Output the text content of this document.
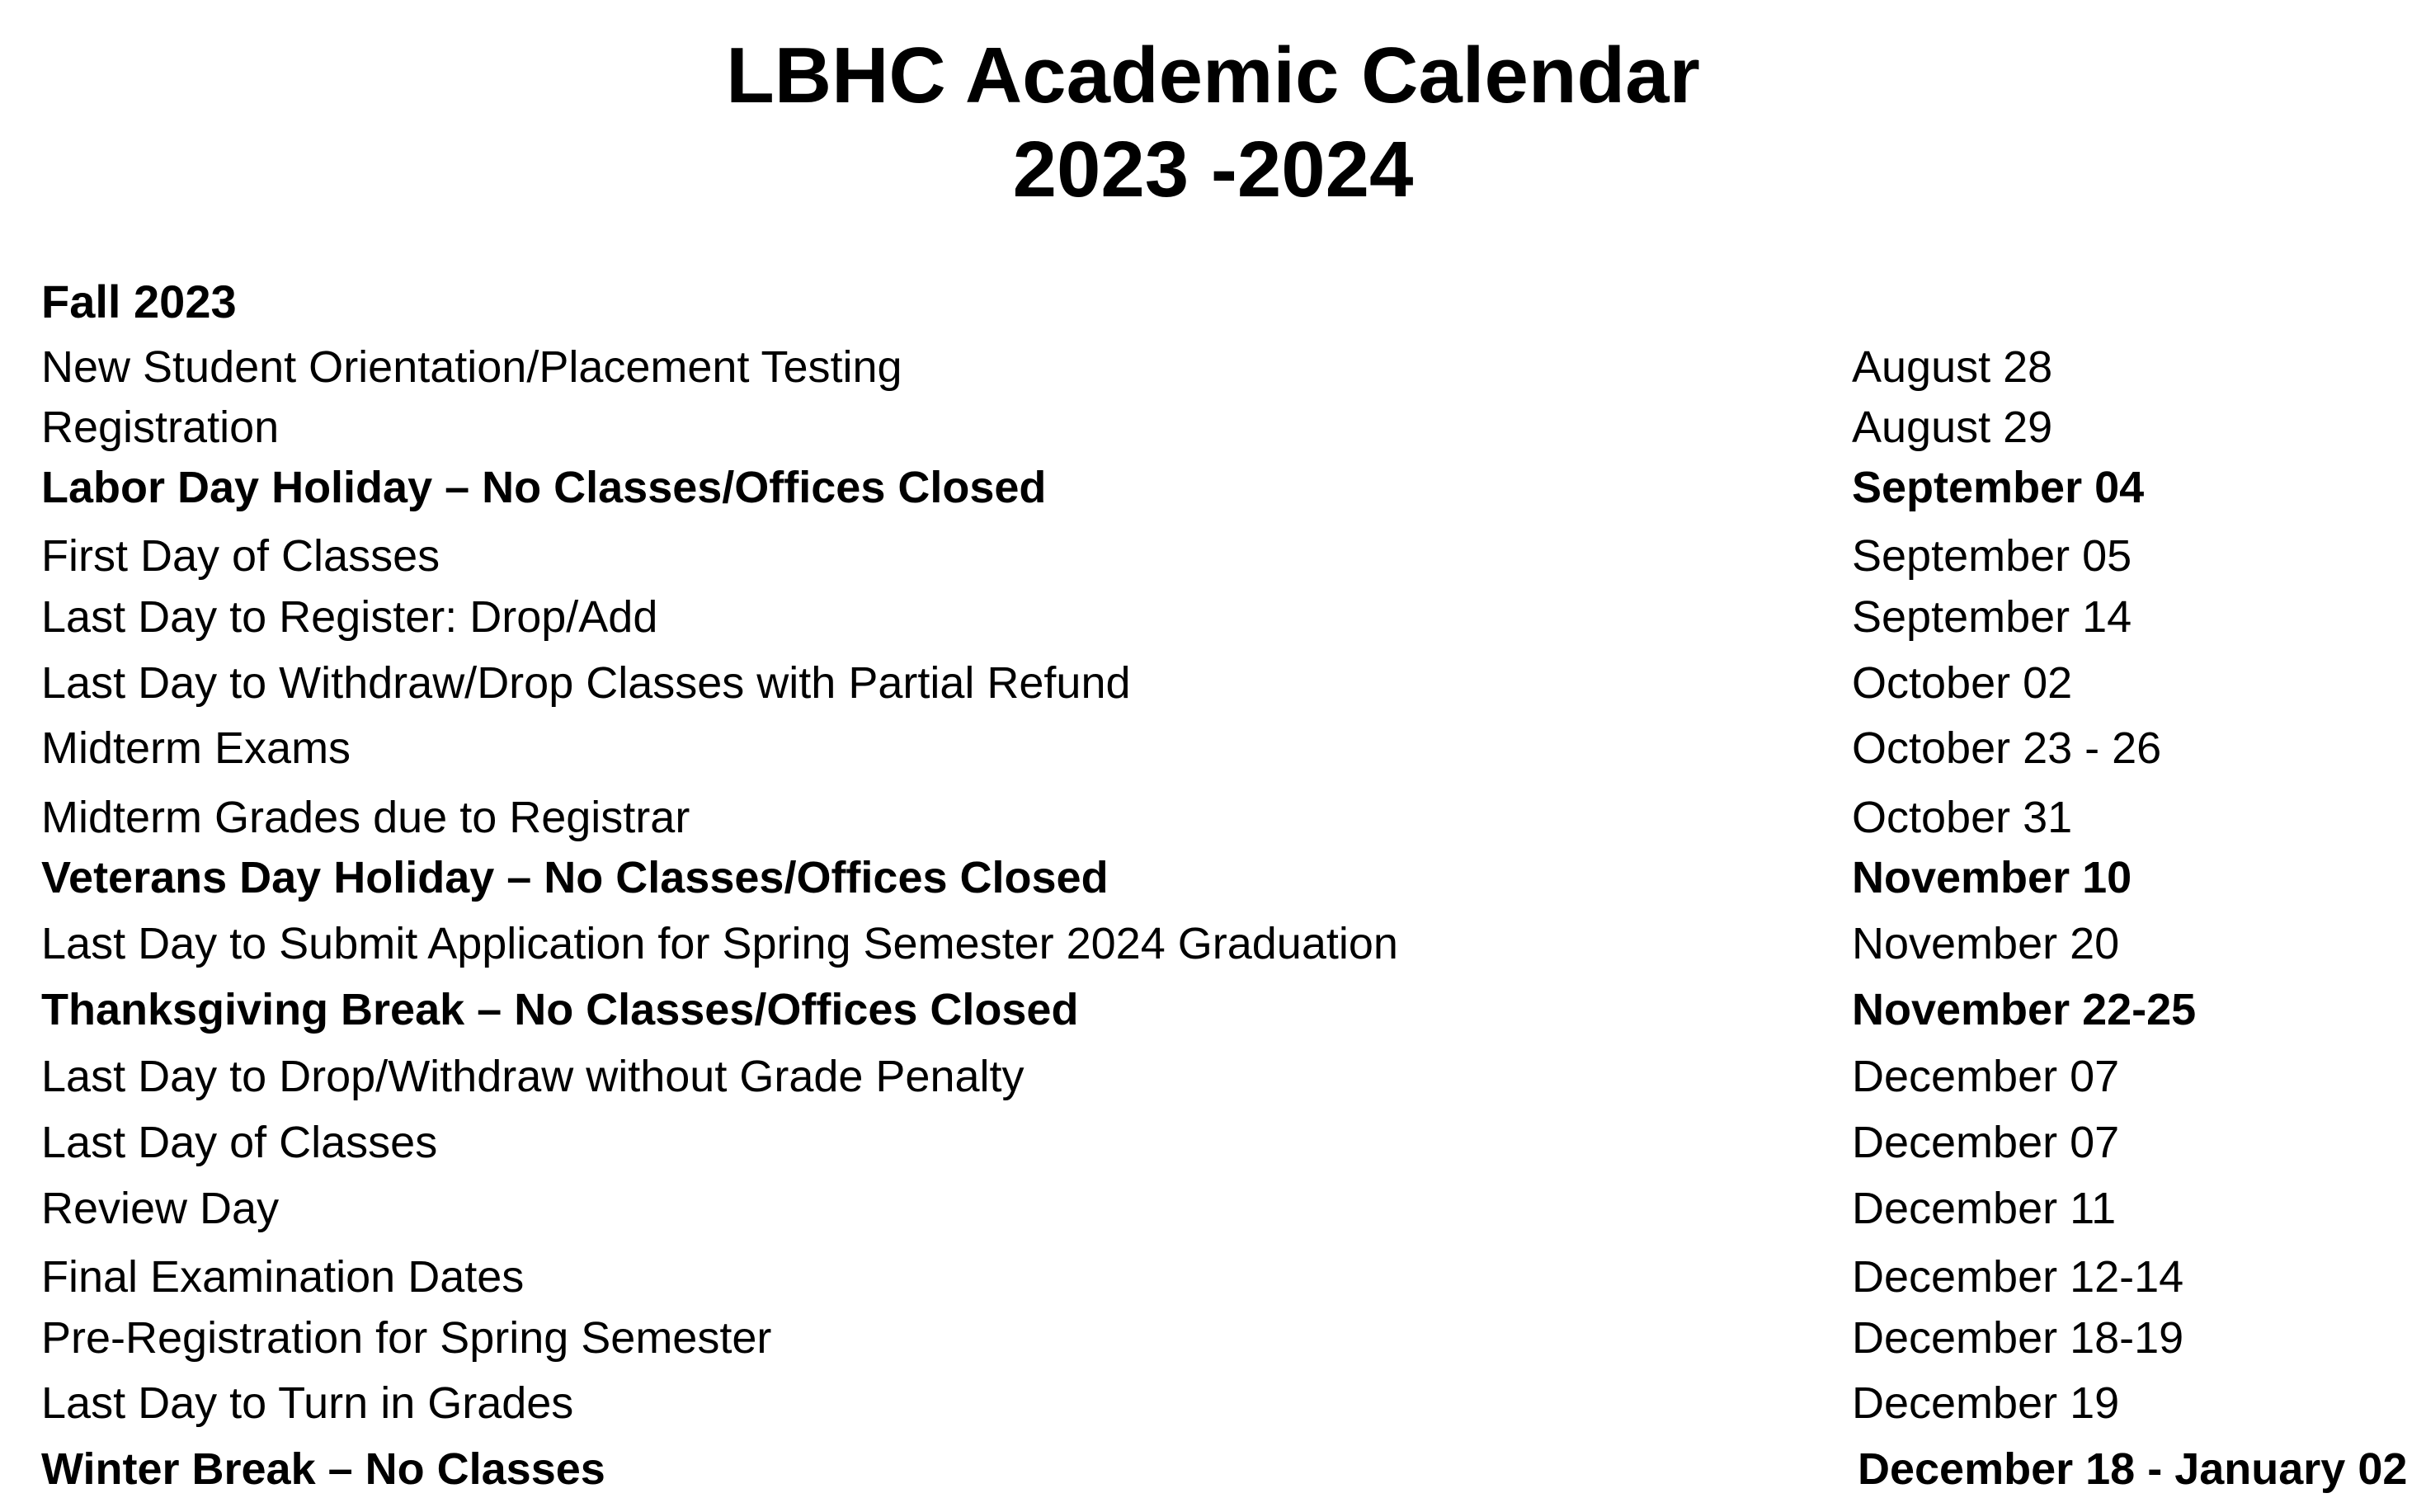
LBHC Academic Calendar
2023 -2024
Fall 2023
New Student Orientation/Placement Testing	August 28
Registration	August 29
Labor Day Holiday – No Classes/Offices Closed	September 04
First Day of Classes	September 05
Last Day to Register: Drop/Add	September 14
Last Day to Withdraw/Drop Classes with Partial Refund	October 02
Midterm Exams	October 23 - 26
Midterm Grades due to Registrar	October 31
Veterans Day Holiday – No Classes/Offices Closed	November 10
Last Day to Submit Application for Spring Semester 2024 Graduation	November 20
Thanksgiving Break – No Classes/Offices Closed	November 22-25
Last Day to Drop/Withdraw without Grade Penalty	December 07
Last Day of Classes	December 07
Review Day	December 11
Final Examination Dates	December 12-14
Pre-Registration for Spring Semester	December 18-19
Last Day to Turn in Grades	December 19
Winter Break – No Classes	December 18 - January 02
